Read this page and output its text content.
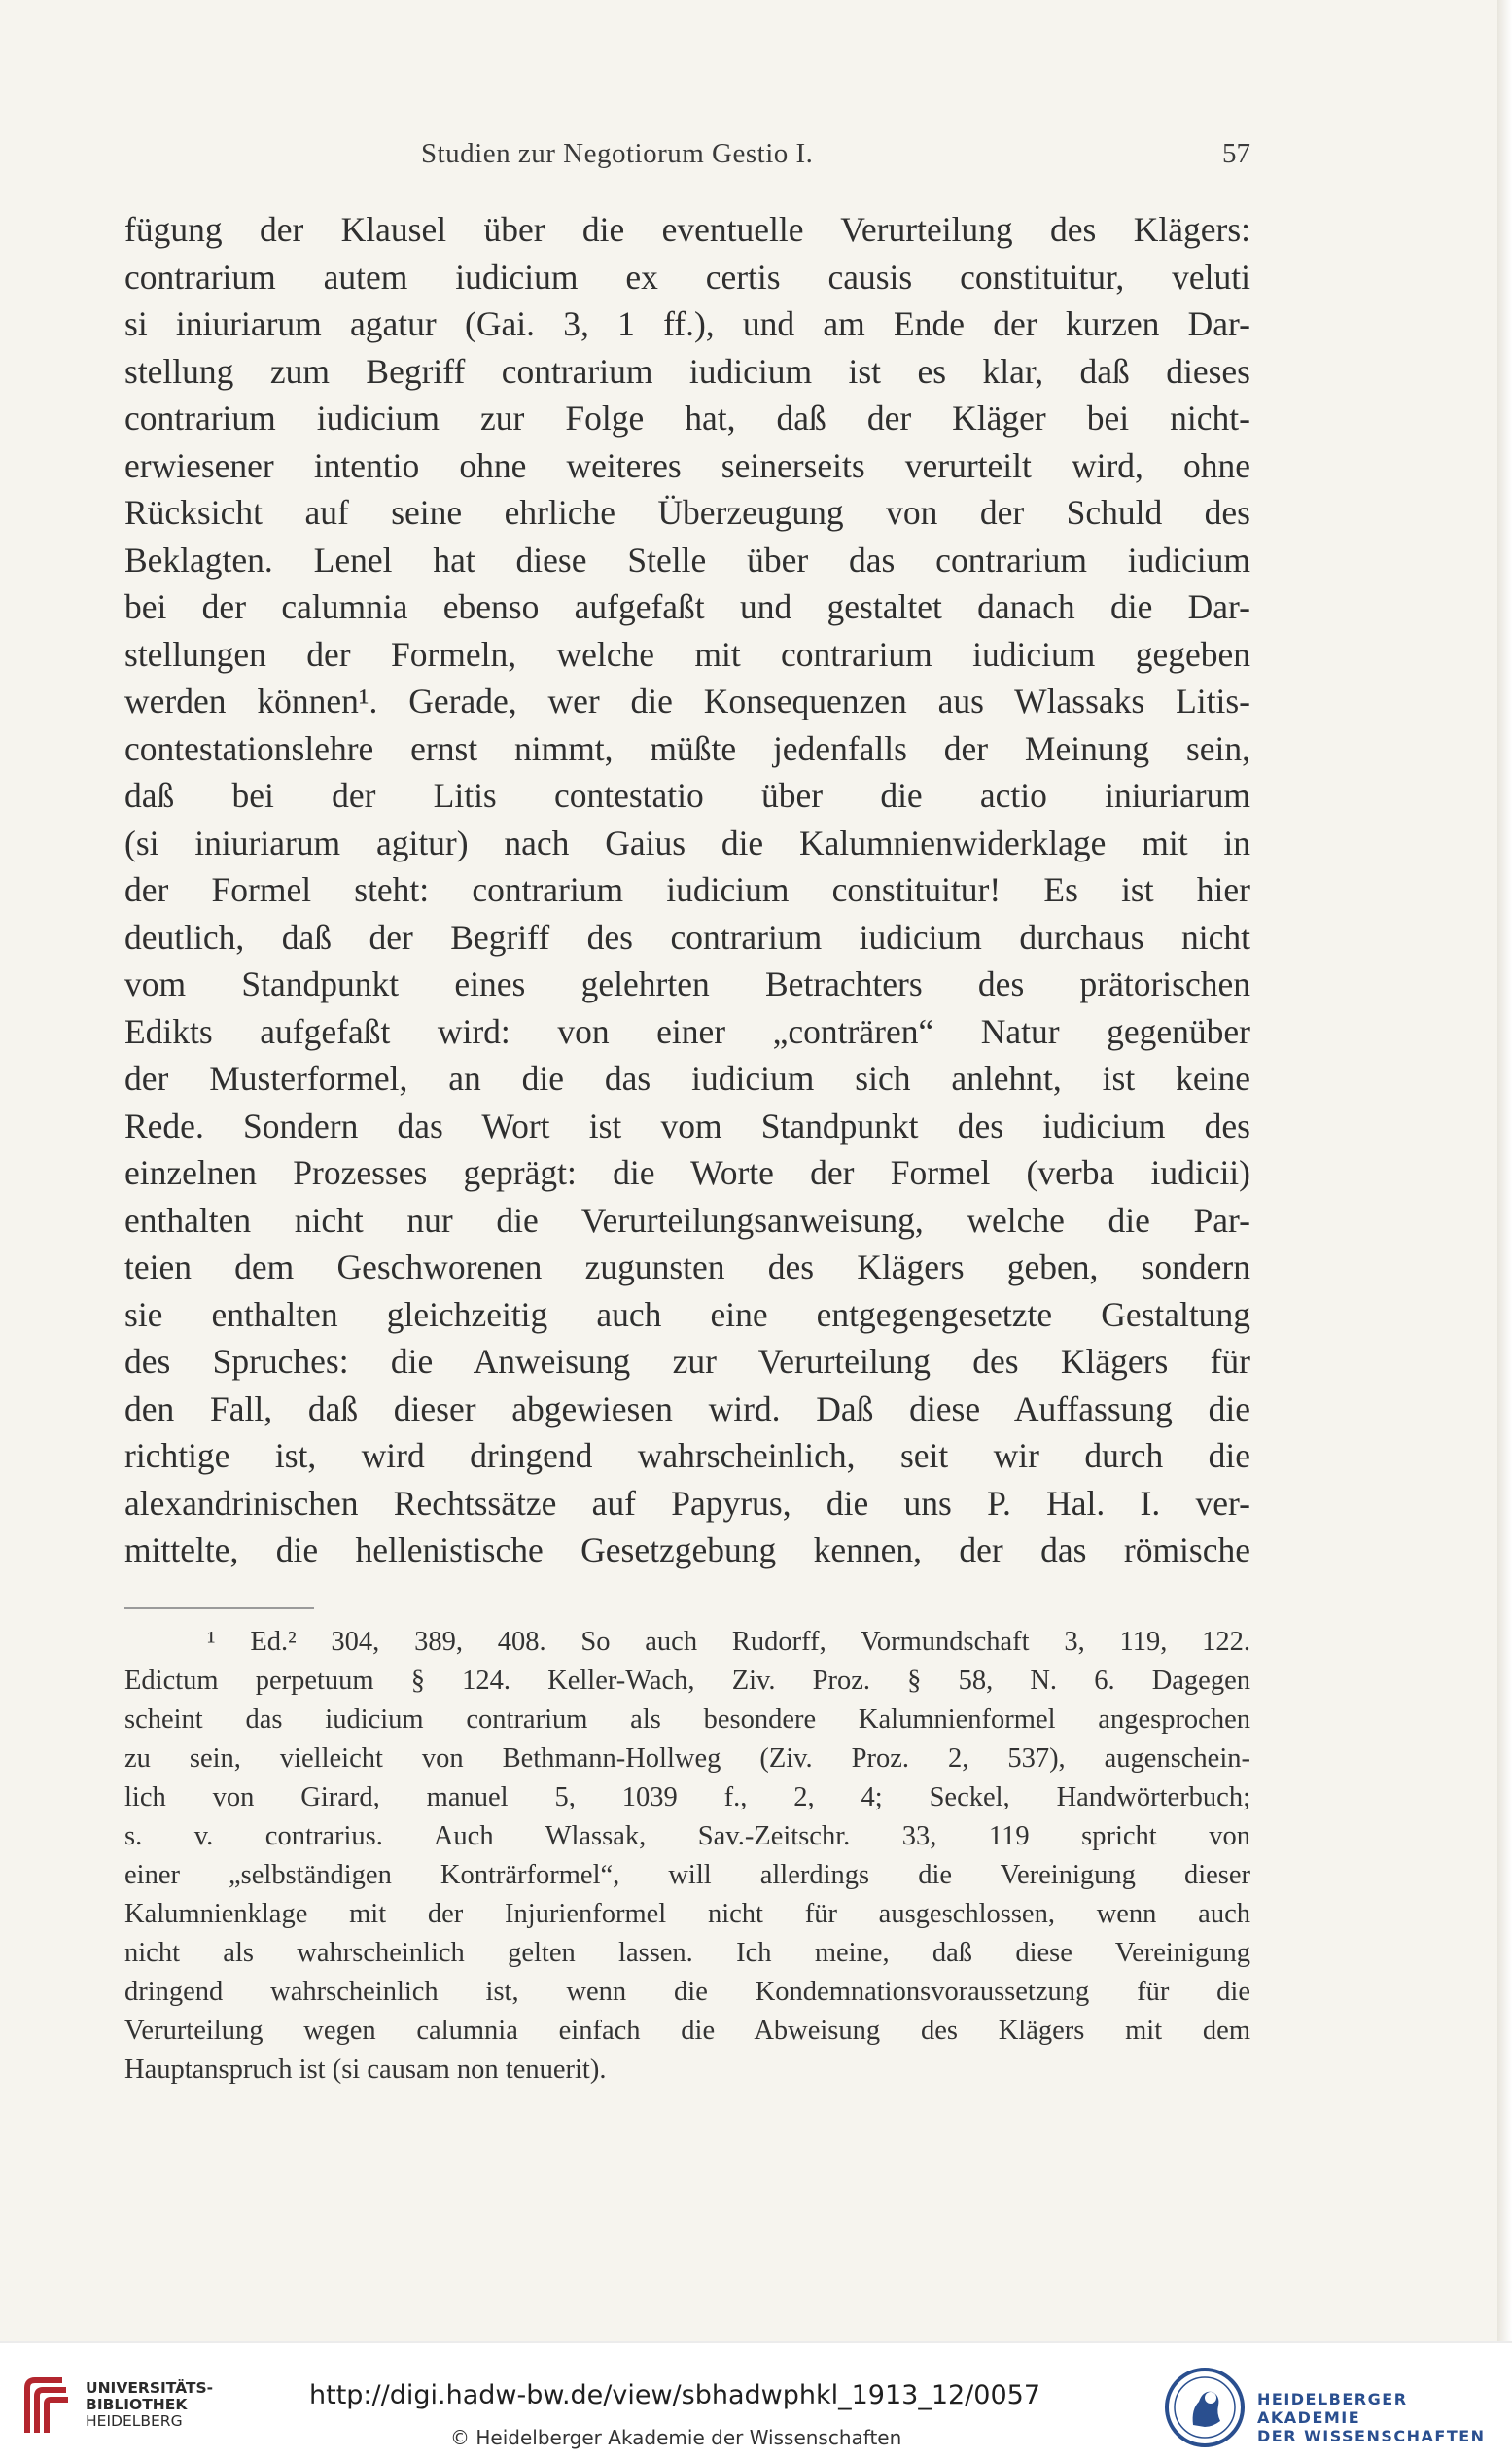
Studien zur Negotiorum Gestio I.	57
fügung der Klausel über die eventuelle Verurteilung des Klägers:
contrarium autem iudicium ex certis causis constituitur, veluti
si iniuriarum agatur (Gai. 3, 1 ff.), und am Ende der kurzen Dar-
stellung zum Begriff contrarium iudicium ist es klar, daß dieses
contrarium iudicium zur Folge hat, daß der Kläger bei nicht-
erwiesener intentio ohne weiteres seinerseits verurteilt wird, ohne
Rücksicht auf seine ehrliche Überzeugung von der Schuld des
Beklagten. Lenel hat diese Stelle über das contrarium iudicium
bei der calumnia ebenso aufgefaßt und gestaltet danach die Dar-
stellungen der Formeln, welche mit contrarium iudicium gegeben
werden können¹. Gerade, wer die Konsequenzen aus Wlassaks Litis-
contestationslehre ernst nimmt, müßte jedenfalls der Meinung sein,
daß bei der Litis contestatio über die actio iniuriarum
(si iniuriarum agitur) nach Gaius die Kalumnienwiderklage mit in
der Formel steht: contrarium iudicium constituitur! Es ist hier
deutlich, daß der Begriff des contrarium iudicium durchaus nicht
vom Standpunkt eines gelehrten Betrachters des prätorischen
Edikts aufgefaßt wird: von einer „conträren“ Natur gegenüber
der Musterformel, an die das iudicium sich anlehnt, ist keine
Rede. Sondern das Wort ist vom Standpunkt des iudicium des
einzelnen Prozesses geprägt: die Worte der Formel (verba iudicii)
enthalten nicht nur die Verurteilungsanweisung, welche die Par-
teien dem Geschworenen zugunsten des Klägers geben, sondern
sie enthalten gleichzeitig auch eine entgegengesetzte Gestaltung
des Spruches: die Anweisung zur Verurteilung des Klägers für
den Fall, daß dieser abgewiesen wird. Daß diese Auffassung die
richtige ist, wird dringend wahrscheinlich, seit wir durch die
alexandrinischen Rechtssätze auf Papyrus, die uns P. Hal. I. ver-
mittelte, die hellenistische Gesetzgebung kennen, der das römische
¹ Ed.² 304, 389, 408. So auch Rudorff, Vormundschaft 3, 119, 122.
Edictum perpetuum § 124. Keller-Wach, Ziv. Proz. § 58, N. 6. Dagegen
scheint das iudicium contrarium als besondere Kalumnienformel angesprochen
zu sein, vielleicht von Bethmann-Hollweg (Ziv. Proz. 2, 537), augenschein-
lich von Girard, manuel 5, 1039 f., 2, 4; Seckel, Handwörterbuch;
s. v. contrarius. Auch Wlassak, Sav.-Zeitschr. 33, 119 spricht von
einer „selbständigen Konträrformel“, will allerdings die Vereinigung dieser
Kalumnienklage mit der Injurienformel nicht für ausgeschlossen, wenn auch
nicht als wahrscheinlich gelten lassen. Ich meine, daß diese Vereinigung
dringend wahrscheinlich ist, wenn die Kondemnationsvoraussetzung für die
Verurteilung wegen calumnia einfach die Abweisung des Klägers mit dem
Hauptanspruch ist (si causam non tenuerit).
UNIVERSITÄTS-
BIBLIOTHEK
HEIDELBERG
http://digi.hadw-bw.de/view/sbhadwphkl_1913_12/0057
© Heidelberger Akademie der Wissenschaften
HEIDELBERGER AKADEMIE
DER WISSENSCHAFTEN
